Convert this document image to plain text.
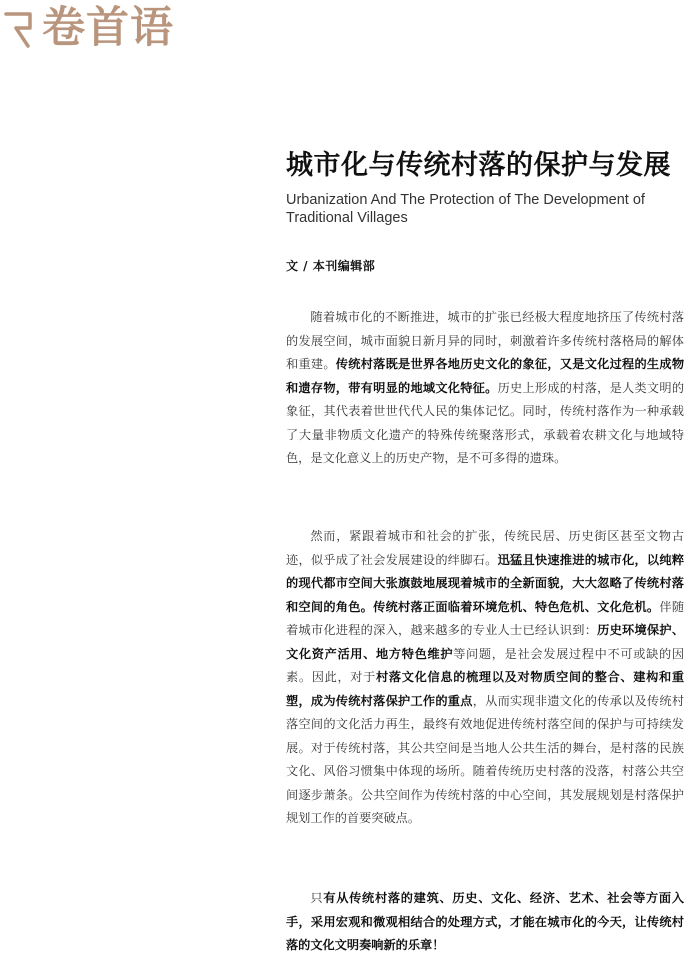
卷首语
城市化与传统村落的保护与发展
Urbanization And The Protection of The Development of Traditional Villages
文 / 本刊编辑部

随着城市化的不断推进，城市的扩张已经极大程度地挤压了传统村落的发展空间，城市面貌日新月异的同时，刺激着许多传统村落格局的解体和重建。传统村落既是世界各地历史文化的象征，又是文化过程的生成物和遗存物，带有明显的地域文化特征。历史上形成的村落，是人类文明的象征，其代表着世世代代人民的集体记忆。同时，传统村落作为一种承载了大量非物质文化遗产的特殊传统聚落形式，承载着农耕文化与地域特色，是文化意义上的历史产物，是不可多得的遗珠。

然而，紧跟着城市和社会的扩张，传统民居、历史街区甚至文物古迹，似乎成了社会发展建设的绊脚石。迅猛且快速推进的城市化，以纯粹的现代都市空间大张旗鼓地展现着城市的全新面貌，大大忽略了传统村落和空间的角色。传统村落正面临着环境危机、特色危机、文化危机。伴随着城市化进程的深入，越来越多的专业人士已经认识到：历史环境保护、文化资产活用、地方特色维护等问题，是社会发展过程中不可或缺的因素。因此，对于村落文化信息的梳理以及对物质空间的整合、建构和重塑，成为传统村落保护工作的重点，从而实现非遗文化的传承以及传统村落空间的文化活力再生，最终有效地促进传统村落空间的保护与可持续发展。对于传统村落，其公共空间是当地人公共生活的舞台，是村落的民族文化、风俗习惯集中体现的场所。随着传统历史村落的没落，村落公共空间逐步萧条。公共空间作为传统村落的中心空间，其发展规划是村落保护规划工作的首要突破点。

只有从传统村落的建筑、历史、文化、经济、艺术、社会等方面入手，采用宏观和微观相结合的处理方式，才能在城市化的今天，让传统村落的文化文明奏响新的乐章！
